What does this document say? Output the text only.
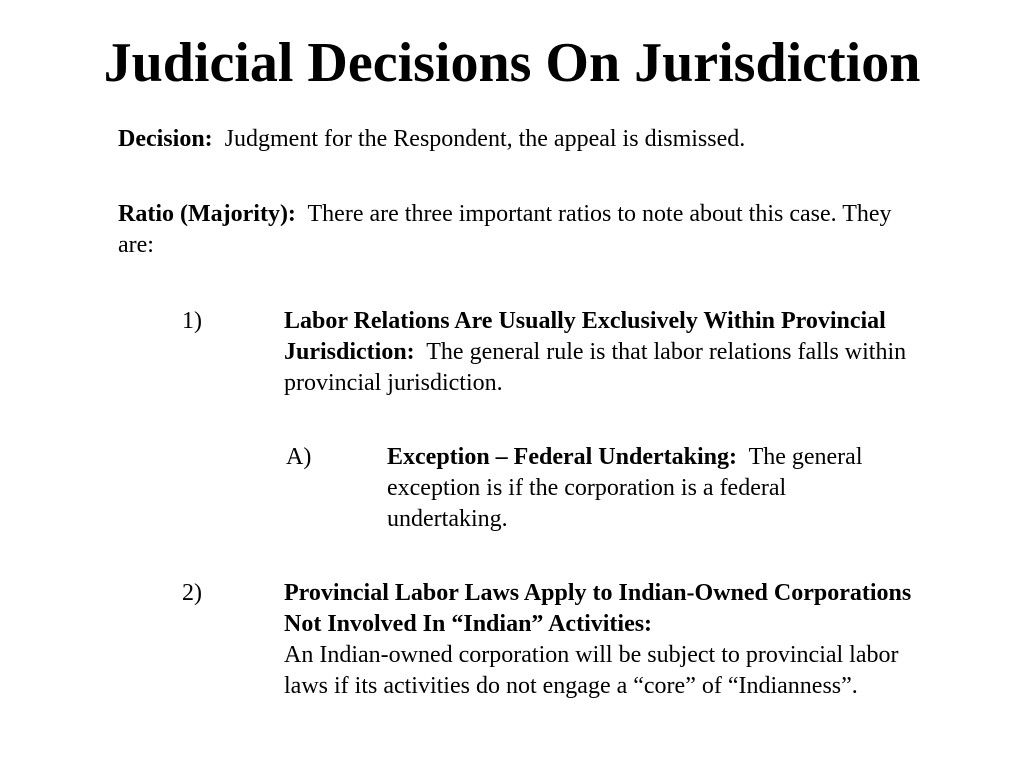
Judicial Decisions On Jurisdiction

Decision: Judgment for the Respondent, the appeal is dismissed.

Ratio (Majority): There are three important ratios to note about this case. They are:

1)	Labor Relations Are Usually Exclusively Within Provincial Jurisdiction: The general rule is that labor relations falls within provincial jurisdiction.

A)	Exception – Federal Undertaking: The general exception is if the corporation is a federal undertaking.

2)	Provincial Labor Laws Apply to Indian-Owned Corporations Not Involved In “Indian” Activities:
An Indian-owned corporation will be subject to provincial labor laws if its activities do not engage a “core” of “Indianness”.
